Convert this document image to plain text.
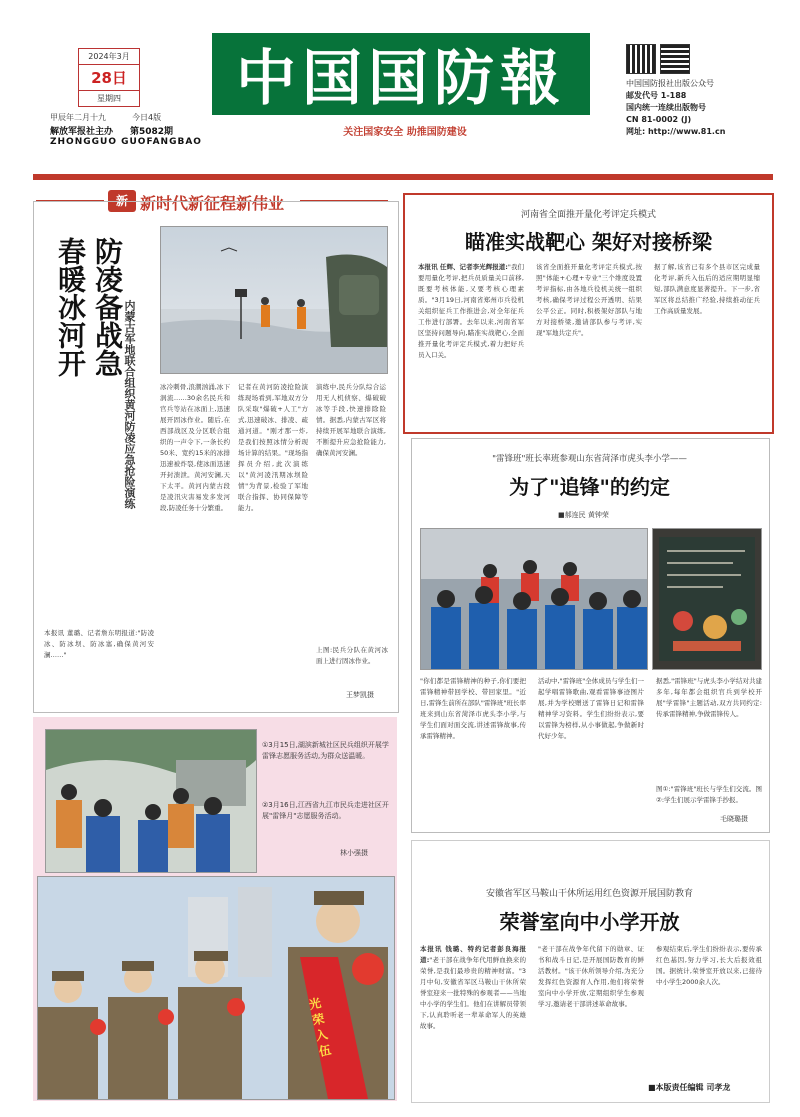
2024年3月
28日
星期四
甲辰年二月十九	今日4版
解放军报社主办 第5082期
ZHONGGUO GUOFANGBAO
中国国防報
关注国家安全 助推国防建设
中国国防报社出版公众号
邮发代号 1-188
国内统一连续出版物号
CN 81-0002 (J)
网址: http://www.81.cn
新 新时代新征程新伟业
防凌备战急
春暖冰河开	内蒙古军地联合组织黄河防凌应急抢险演练	冰冷刺骨,浪潮汹涌,冰下涡流……30余名民兵和官兵等站在冰面上,迅速展开固冰作业。随后,在西部战区及分区联合组织的一声令下,一条长约50米、宽约15米的冰排迅速被炸裂,使冰面迅速开封溃泄。黄河安澜,天下太平。黄河内蒙古段是凌汛灾害易发多发河段,防凌任务十分繁重。
记者在黄河防凌抢险演练现场看到,军地双方分队采取"爆破+人工"方式,迅速破冰、排凌、疏通河道。"刚才那一炸,是我们按照冰情分析现场计算的结果。"现场指挥员介绍,此次演练以"黄河凌汛期冰坝险情"为背景,检验了军地联合指挥、协同保障等能力。
演练中,民兵分队综合运用无人机侦察、爆破破冰等手段,快速排除险情。据悉,内蒙古军区将持续开展军地联合演练,不断提升应急抢险能力,确保黄河安澜。
本报讯 董璐、记者詹东明报道:"防凌冰、防冰坝、防冰塞,确保黄河安澜……"
上图:民兵分队在黄河冰面上进行固冰作业。
王梦凯摄
河南省全面推开量化考评定兵模式
瞄准实战靶心 架好对接桥梁
本报讯 任辉、记者李光辉报道:"我们要用量化考评,把兵员质量关口前移,既要考核体能,又要考核心理素质。"3月19日,河南省郑州市兵役机关组织征兵工作推进会,对全年征兵工作进行部署。去年以来,河南省军区坚持问题导向,瞄准实战靶心,全面推开量化考评定兵模式,着力把好兵员入口关。
该省全面推开量化考评定兵模式,按照"体能+心理+专业"三个维度设置考评指标,由各地兵役机关统一组织考核,确保考评过程公开透明、结果公平公正。同时,积极架好部队与地方对接桥梁,邀请部队参与考评,实现"军地共定兵"。
据了解,该省已有多个县市区完成量化考评,新兵入伍后的适应期明显缩短,部队满意度显著提升。下一步,省军区将总结推广经验,持续推动征兵工作高质量发展。
"雷锋班"班长率班参观山东省菏泽市虎头李小学——
为了"追锋"的约定
■郝连民 黄钟荣
"你们都是雷锋精神的种子,你们要把雷锋精神带回学校、带回家里。"近日,雷锋生前所在部队"雷锋班"班长率班来到山东省菏泽市虎头李小学,与学生们面对面交流,讲述雷锋故事,传承雷锋精神。
活动中,"雷锋班"全体成员与学生们一起学唱雷锋歌曲,观看雷锋事迹图片展,并为学校赠送了雷锋日记和雷锋精神学习资料。学生们纷纷表示,要以雷锋为榜样,从小事做起,争做新时代好少年。
据悉,"雷锋班"与虎头李小学结对共建多年,每年都会组织官兵到学校开展"学雷锋"主题活动,双方共同约定:传承雷锋精神,争做雷锋传人。
图①:"雷锋班"班长与学生们交流。图②:学生们展示学雷锋手抄报。
毛晓璐摄
①3月15日,湖滨新城社区民兵组织开展学雷锋志愿服务活动,为群众送温暖。
②3月16日,江西省九江市民兵走进社区开展"雷锋月"志愿服务活动。
林小强摄
光荣入伍
安徽省军区马鞍山干休所运用红色资源开展国防教育
荣誉室向中小学开放
本报讯 钱璐、特约记者彭良海报道:"老干部在战争年代用鲜血换来的荣誉,是我们最珍贵的精神财富。"3月中旬,安徽省军区马鞍山干休所荣誉室迎来一批特殊的参观者——当地中小学的学生们。他们在讲解员带领下,认真聆听老一辈革命军人的英雄故事。
"老干部在战争年代留下的勋章、证书和战斗日记,是开展国防教育的鲜活教材。"该干休所领导介绍,为充分发挥红色资源育人作用,他们将荣誉室向中小学开放,定期组织学生参观学习,邀请老干部讲述革命故事。
参观结束后,学生们纷纷表示,要传承红色基因,努力学习,长大后报效祖国。据统计,荣誉室开放以来,已接待中小学生2000余人次。
■本版责任编辑 司孝龙
